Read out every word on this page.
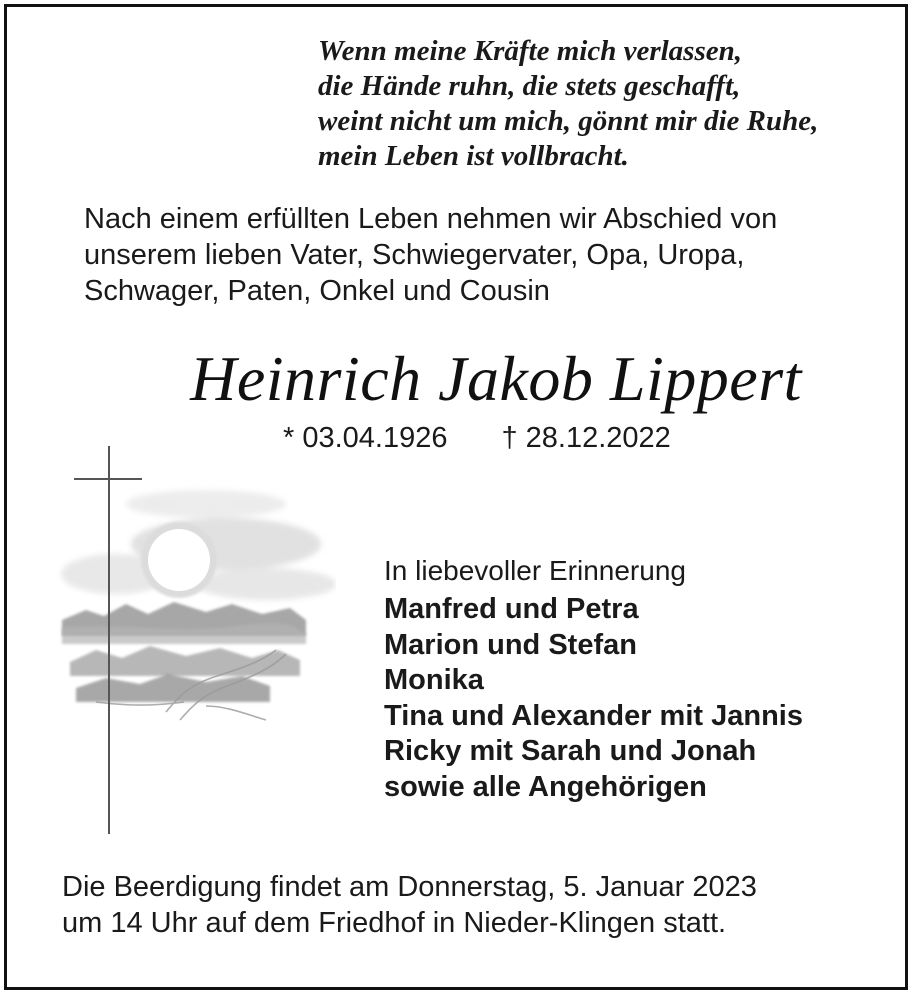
Wenn meine Kräfte mich verlassen,
die Hände ruhn, die stets geschafft,
weint nicht um mich, gönnt mir die Ruhe,
mein Leben ist vollbracht.
Nach einem erfüllten Leben nehmen wir Abschied von
unserem lieben Vater, Schwiegervater, Opa, Uropa,
Schwager, Paten, Onkel und Cousin
Heinrich Jakob Lippert
* 03.04.1926 † 28.12.2022
In liebevoller Erinnerung
Manfred und Petra
Marion und Stefan
Monika
Tina und Alexander mit Jannis
Ricky mit Sarah und Jonah
sowie alle Angehörigen
Die Beerdigung findet am Donnerstag, 5. Januar 2023
um 14 Uhr auf dem Friedhof in Nieder-Klingen statt.
